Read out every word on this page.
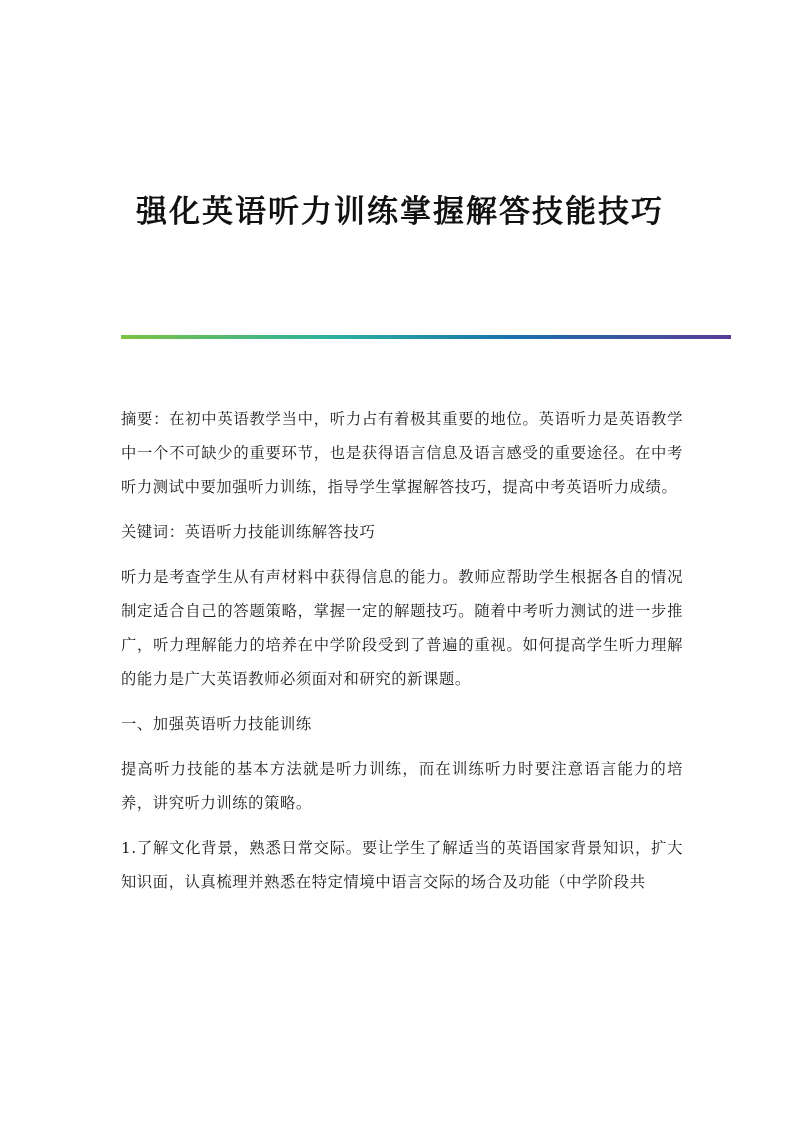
强化英语听力训练掌握解答技能技巧

摘要：在初中英语教学当中，听力占有着极其重要的地位。英语听力是英语教学中一个不可缺少的重要环节，也是获得语言信息及语言感受的重要途径。在中考听力测试中要加强听力训练，指导学生掌握解答技巧，提高中考英语听力成绩。

关键词：英语听力技能训练解答技巧

听力是考查学生从有声材料中获得信息的能力。教师应帮助学生根据各自的情况制定适合自己的答题策略，掌握一定的解题技巧。随着中考听力测试的进一步推广，听力理解能力的培养在中学阶段受到了普遍的重视。如何提高学生听力理解的能力是广大英语教师必须面对和研究的新课题。

一、加强英语听力技能训练

提高听力技能的基本方法就是听力训练，而在训练听力时要注意语言能力的培养，讲究听力训练的策略。

1.了解文化背景，熟悉日常交际。要让学生了解适当的英语国家背景知识，扩大知识面，认真梳理并熟悉在特定情境中语言交际的场合及功能（中学阶段共
